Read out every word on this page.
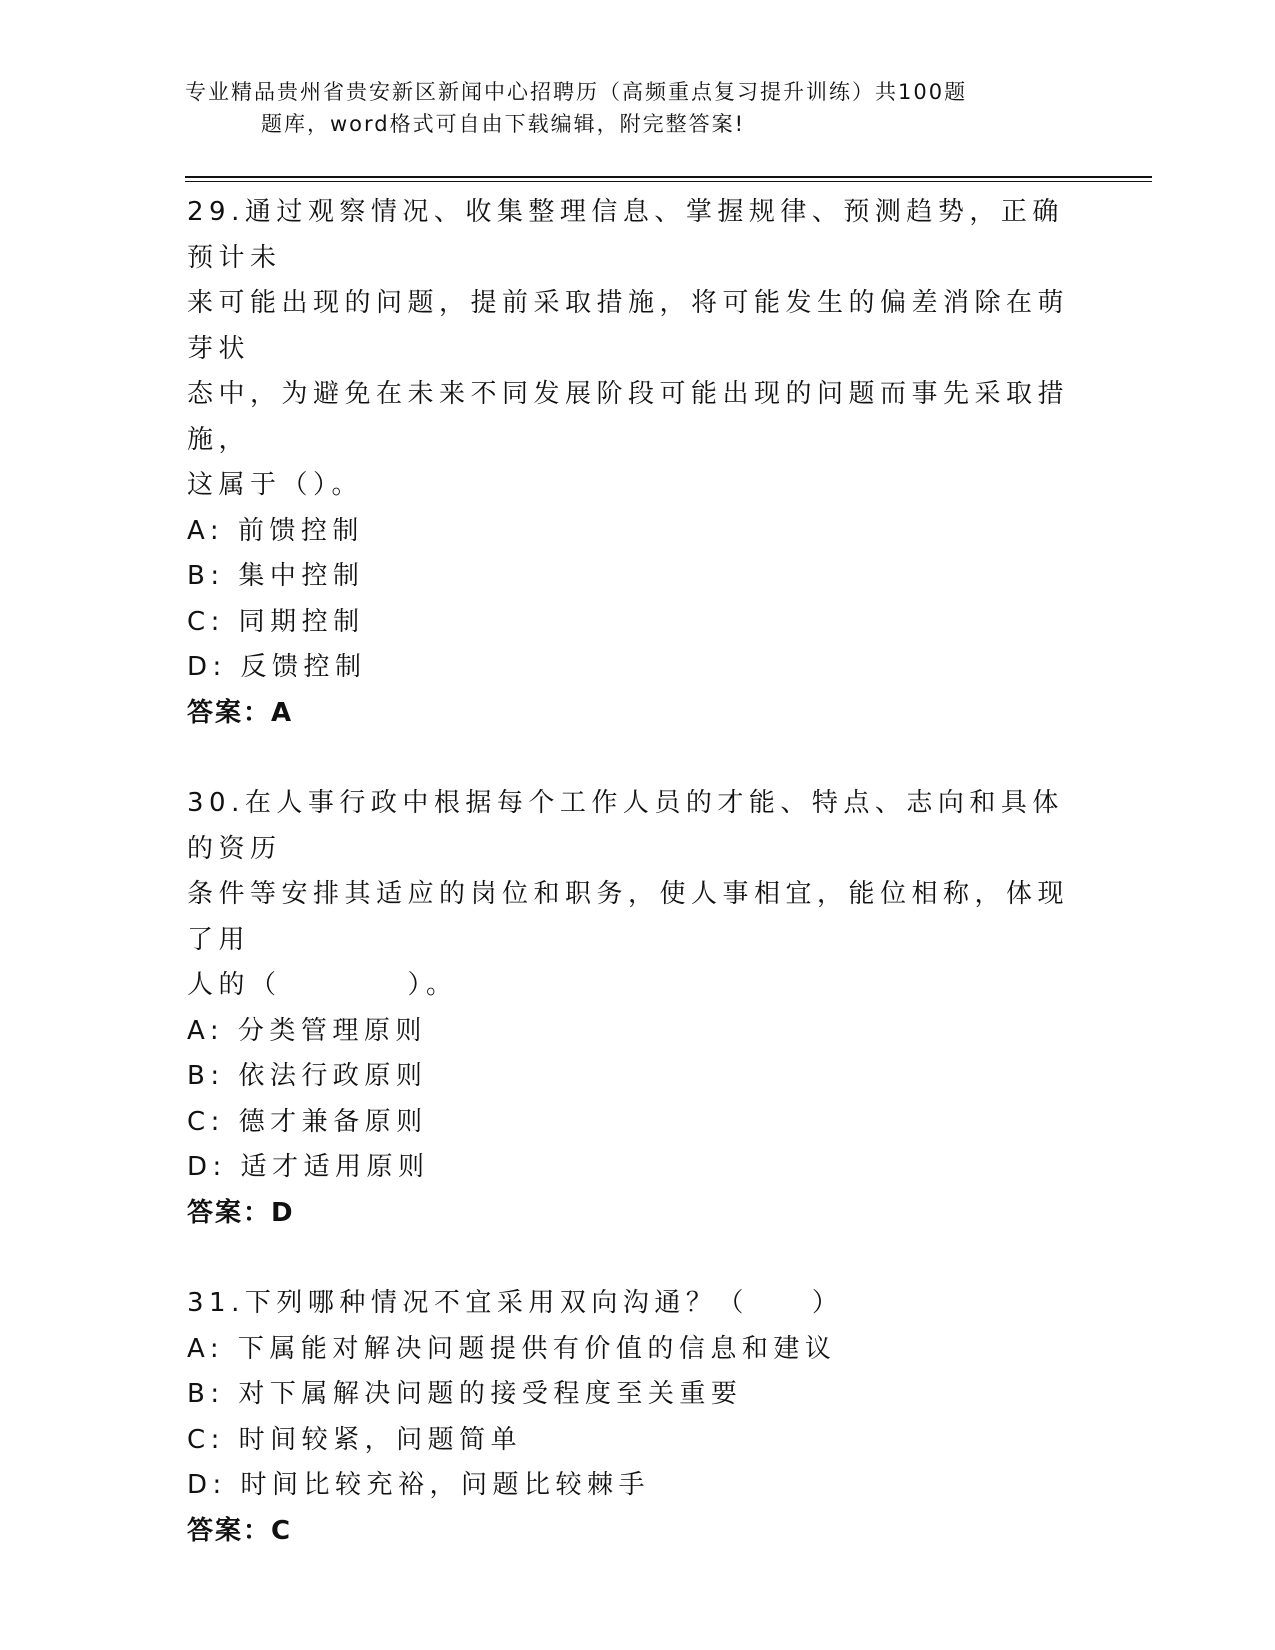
专业精品贵州省贵安新区新闻中心招聘历（高频重点复习提升训练）共100题
题库，word格式可自由下载编辑，附完整答案!

29.通过观察情况、收集整理信息、掌握规律、预测趋势，正确预计未

来可能出现的问题，提前采取措施，将可能发生的偏差消除在萌芽状

态中，为避免在未来不同发展阶段可能出现的问题而事先采取措施，

这属于（）。

A: 前馈控制

B: 集中控制

C: 同期控制

D: 反馈控制

答案：A

30.在人事行政中根据每个工作人员的才能、特点、志向和具体的资历

条件等安排其适应的岗位和职务，使人事相宜，能位相称，体现了用

人的（　　　　）。

A: 分类管理原则

B: 依法行政原则

C: 德才兼备原则

D: 适才适用原则

答案：D

31.下列哪种情况不宜采用双向沟通？（　　）

A: 下属能对解决问题提供有价值的信息和建议

B: 对下属解决问题的接受程度至关重要

C: 时间较紧，问题简单

D: 时间比较充裕，问题比较棘手

答案：C
